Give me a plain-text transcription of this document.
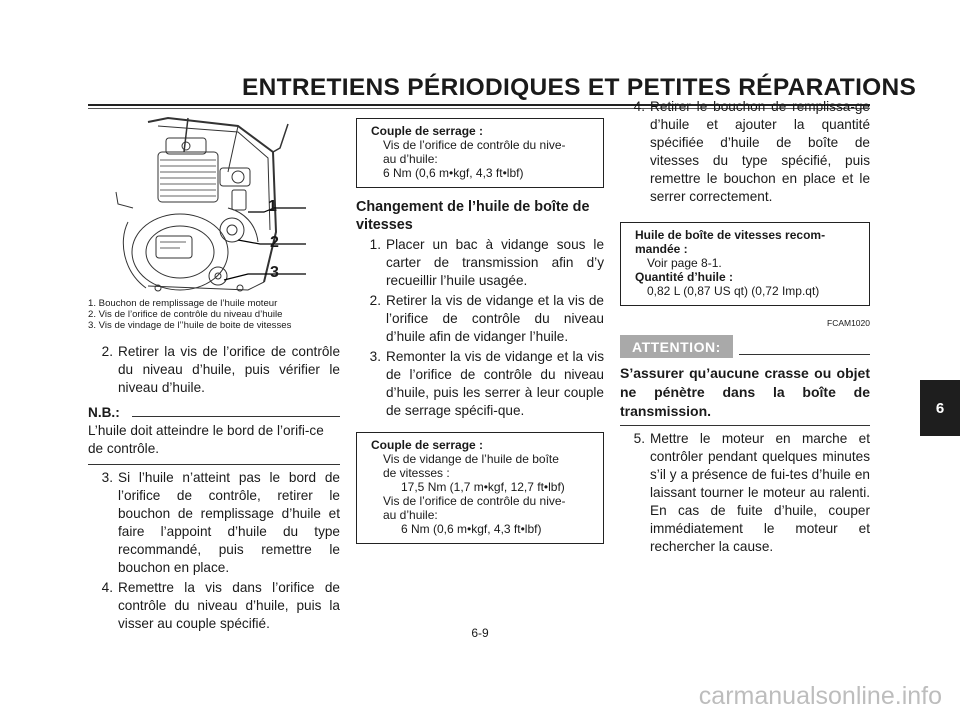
ENTRETIENS PÉRIODIQUES ET PETITES RÉPARATIONS
1
2
3
1. Bouchon de remplissage de l’huile moteur
2. Vis de l’orifice de contrôle du niveau d’huile
3. Vis de vindage de l’’huile de boite de vitesses
2. Retirer la vis de l’orifice de contrôle du niveau d’huile, puis vérifier le niveau d’huile.
N.B.:
L’huile doit atteindre le bord de l’orifi-ce de contrôle.
3. Si l’huile n’atteint pas le bord de l’orifice de contrôle, retirer le bouchon de remplissage d’huile et faire l’appoint d’huile du type recommandé, puis remettre le bouchon en place.
4. Remettre la vis dans l’orifice de contrôle du niveau d’huile, puis la visser au couple spécifié.
Couple de serrage :
Vis de l’orifice de contrôle du nive-
au d’huile:
6 Nm (0,6 m•kgf, 4,3 ft•lbf)
Changement de l’huile de boîte de vitesses
1. Placer un bac à vidange sous le carter de transmission afin d’y recueillir l’huile usagée.
2. Retirer la vis de vidange et la vis de l’orifice de contrôle du niveau d’huile afin de vidanger l’huile.
3. Remonter la vis de vidange et la vis de l’orifice de contrôle du niveau d’huile, puis les serrer à leur couple de serrage spécifi-que.
Couple de serrage :
Vis de vidange de l’huile de boîte
de vitesses :
17,5 Nm (1,7 m•kgf, 12,7 ft•lbf)
Vis de l’orifice de contrôle du nive-
au d’huile:
6 Nm (0,6 m•kgf, 4,3 ft•lbf)
4. Retirer le bouchon de remplissa-ge d’huile et ajouter la quantité spécifiée d’huile de boîte de vitesses du type spécifié, puis remettre le bouchon en place et le serrer correctement.
Huile de boîte de vitesses recom-
mandée :
Voir page 8-1.
Quantité d’huile :
0,82 L (0,87 US qt) (0,72 Imp.qt)
FCAM1020
ATTENTION:
S’assurer qu’aucune crasse ou objet ne pénètre dans la boîte de transmission.
5. Mettre le moteur en marche et contrôler pendant quelques minutes s’il y a présence de fui-tes d’huile en laissant tourner le moteur au ralenti. En cas de fuite d’huile, couper immédiatement le moteur et rechercher la cause.
6-9
6
carmanualsonline.info
